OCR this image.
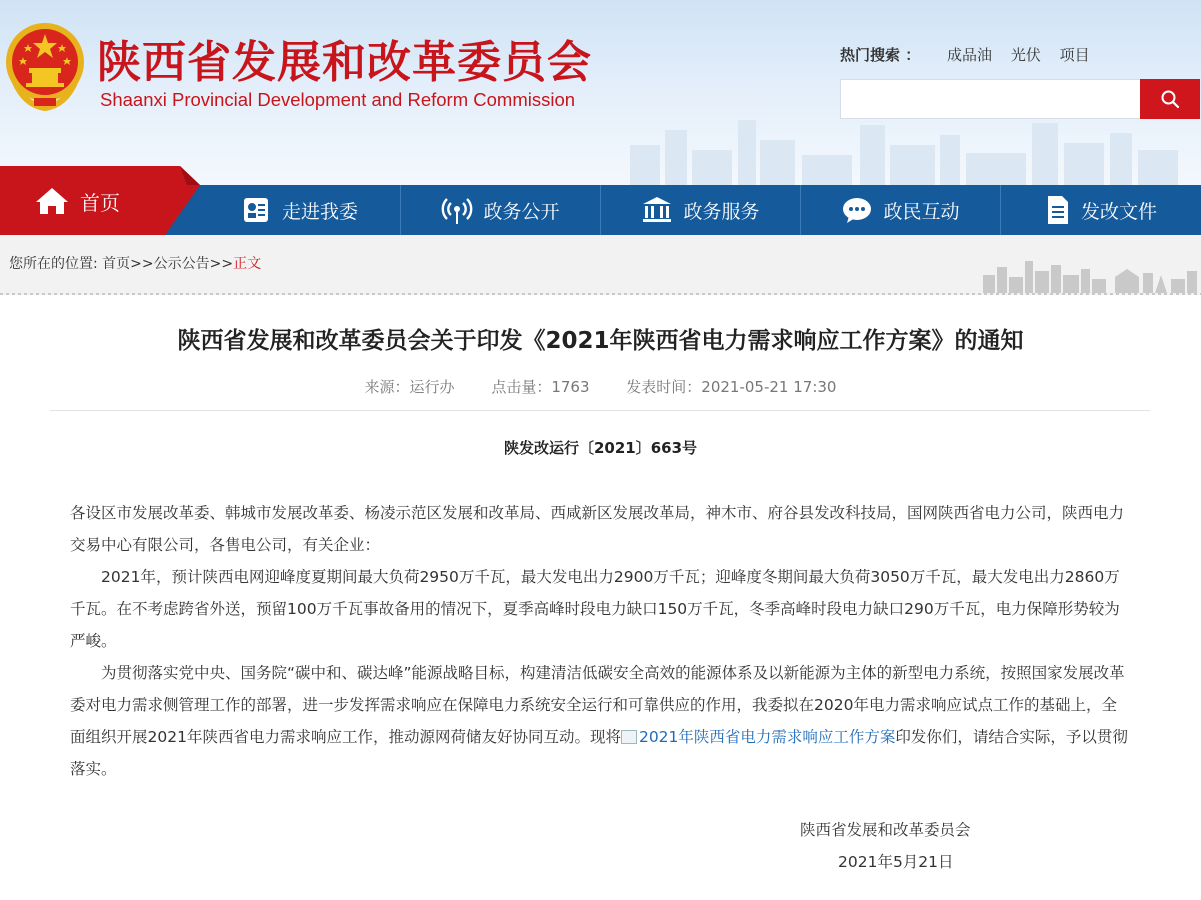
陕西省发展和改革委员会
Shaanxi Provincial Development and Reform Commission
热门搜索 ： 成品油 光伏 项目
首页	走进我委	政务公开	政务服务	政民互动	发改文件
您所在的位置: 首页>>公示公告>>正文
陕西省发展和改革委员会关于印发《2021年陕西省电力需求响应工作方案》的通知
来源：运行办 点击量：1763 发表时间：2021-05-21 17:30
陕发改运行〔2021〕663号

各设区市发展改革委、韩城市发展改革委、杨凌示范区发展和改革局、西咸新区发展改革局，神木市、府谷县发改科技局，国网陕西省电力公司，陕西电力交易中心有限公司，各售电公司，有关企业：

2021年，预计陕西电网迎峰度夏期间最大负荷2950万千瓦，最大发电出力2900万千瓦；迎峰度冬期间最大负荷3050万千瓦，最大发电出力2860万千瓦。在不考虑跨省外送，预留100万千瓦事故备用的情况下，夏季高峰时段电力缺口150万千瓦，冬季高峰时段电力缺口290万千瓦，电力保障形势较为严峻。

为贯彻落实党中央、国务院“碳中和、碳达峰”能源战略目标，构建清洁低碳安全高效的能源体系及以新能源为主体的新型电力系统，按照国家发展改革委对电力需求侧管理工作的部署，进一步发挥需求响应在保障电力系统安全运行和可靠供应的作用，我委拟在2020年电力需求响应试点工作的基础上，全面组织开展2021年陕西省电力需求响应工作，推动源网荷储友好协同互动。现将 2021年陕西省电力需求响应工作方案印发你们，请结合实际，予以贯彻落实。

陕西省发展和改革委员会
2021年5月21日
